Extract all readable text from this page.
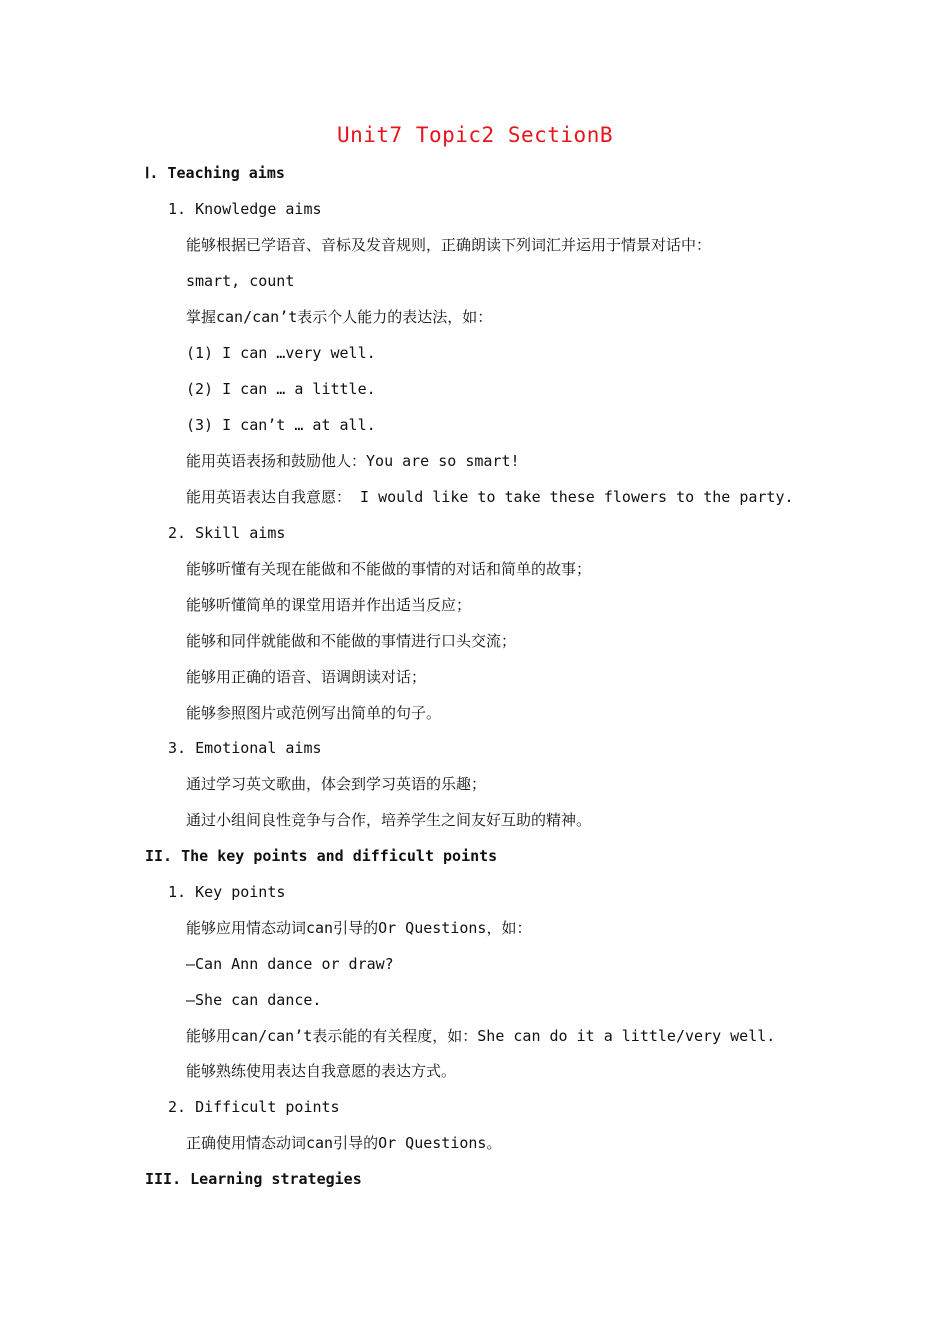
Unit7 Topic2 SectionB
Ⅰ. Teaching aims
1. Knowledge aims
能够根据已学语音、音标及发音规则，正确朗读下列词汇并运用于情景对话中：
smart, count
掌握can/can’t表示个人能力的表达法，如：
(1) I can …very well.
(2) I can … a little.
(3) I can’t … at all.
能用英语表扬和鼓励他人：You are so smart!
能用英语表达自我意愿： I would like to take these flowers to the party.
2. Skill aims
能够听懂有关现在能做和不能做的事情的对话和简单的故事；
能够听懂简单的课堂用语并作出适当反应；
能够和同伴就能做和不能做的事情进行口头交流；
能够用正确的语音、语调朗读对话；
能够参照图片或范例写出简单的句子。
3. Emotional aims
通过学习英文歌曲，体会到学习英语的乐趣；
通过小组间良性竞争与合作，培养学生之间友好互助的精神。
II. The key points and difficult points
1. Key points
能够应用情态动词can引导的Or Questions，如：
—Can Ann dance or draw?
—She can dance.
能够用can/can’t表示能的有关程度，如：She can do it a little/very well.
能够熟练使用表达自我意愿的表达方式。
2. Difficult points
正确使用情态动词can引导的Or Questions。
III. Learning strategies
